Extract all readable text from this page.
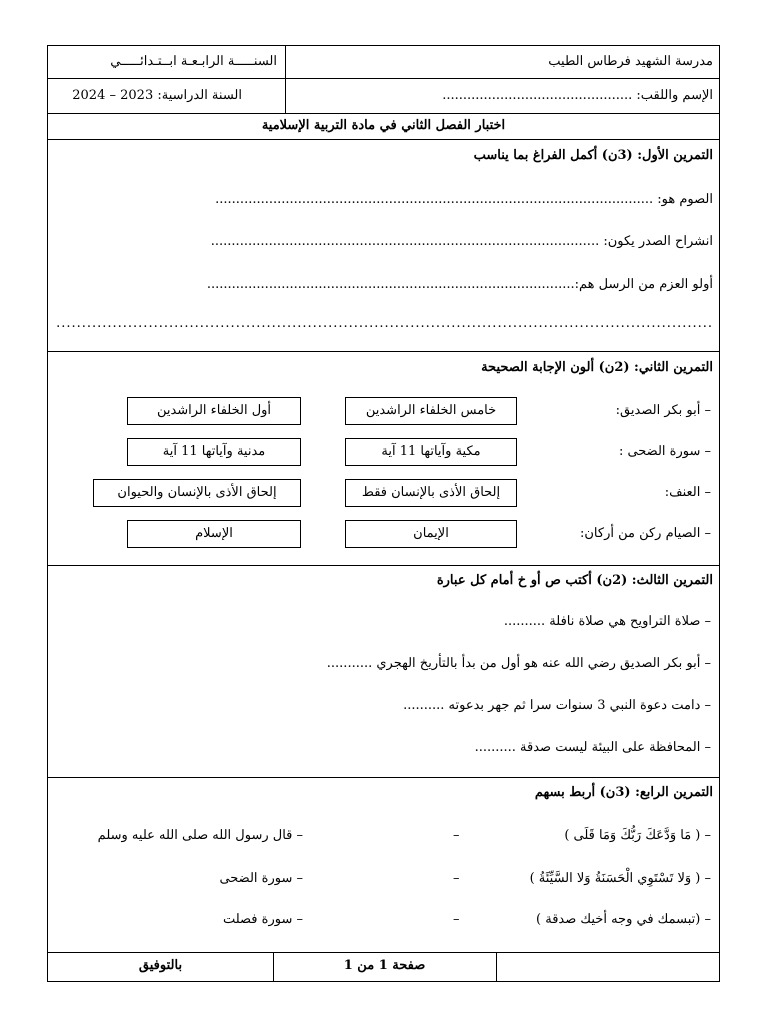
مدرسة الشهيد فرطاس الطيب
السنـــــة الرابـعـة ابــتـدائـــــي
الإسم واللقب: ..............................................
السنة الدراسية: 2023 – 2024
اختبار الفصل الثاني في مادة التربية الإسلامية
التمرين الأول: (3ن) أكمل الفراغ بما يناسب
الصوم هو: ..........................................................................................................
انشراح الصدر يكون: ..............................................................................................
أولو العزم من الرسل هم:.........................................................................................
................................................................................................................................
التمرين الثاني: (2ن) ألون الإجابة الصحيحة
– أبو بكر الصديق:
خامس الخلفاء الراشدين
أول الخلفاء الراشدين
– سورة الضحى :
مكية وآياتها 11 آية
مدنية وآياتها 11 آية
– العنف:
إلحاق الأذى بالإنسان فقط
إلحاق الأذى بالإنسان والحيوان
– الصيام ركن من أركان:
الإيمان
الإسلام
التمرين الثالث: (2ن) أكتب ص أو خ أمام كل عبارة
– صلاة التراويح هي صلاة نافلة ..........
– أبو بكر الصديق رضي الله عنه هو أول من بدأ بالتأريخ الهجري ...........
– دامت دعوة النبي 3 سنوات سرا ثم جهر بدعوته ..........
– المحافظة على البيئة ليست صدقة ..........
التمرين الرابع: (3ن) أربط بسهم
– ( مَا وَدَّعَكَ رَبُّكَ وَمَا قَلَى )
–
– قال رسول الله صلى الله عليه وسلم
– ( وَلا تَسْتَوِي الْحَسَنَةُ وَلا السَّيِّئَةُ )
–
– سورة الضحى
– (تبسمك في وجه أخيك صدقة )
–
– سورة فصلت
صفحة 1 من 1
بالتوفيق
